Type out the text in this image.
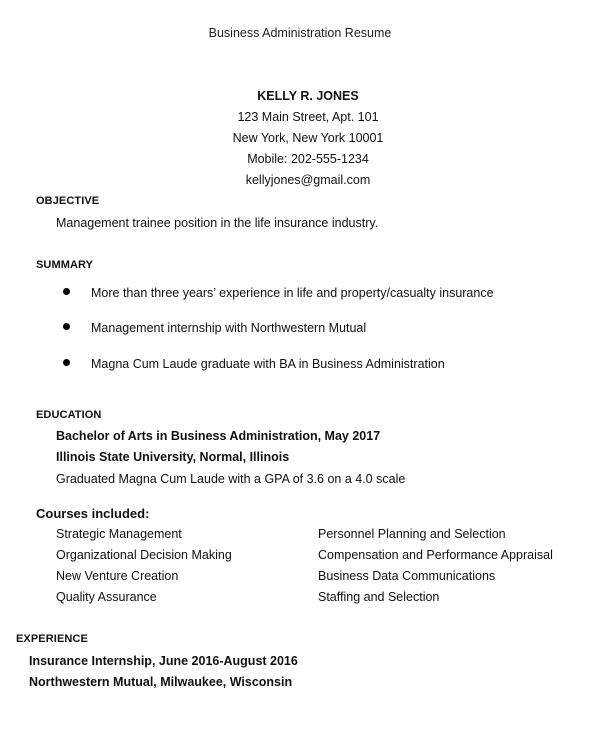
Business Administration Resume
KELLY R. JONES
123 Main Street, Apt. 101
New York, New York 10001
Mobile: 202-555-1234
kellyjones@gmail.com
OBJECTIVE
Management trainee position in the life insurance industry.
SUMMARY
More than three years’ experience in life and property/casualty insurance
Management internship with Northwestern Mutual
Magna Cum Laude graduate with BA in Business Administration
EDUCATION
Bachelor of Arts in Business Administration, May 2017
Illinois State University, Normal, Illinois
Graduated Magna Cum Laude with a GPA of 3.6 on a 4.0 scale
Courses included:
Strategic Management
Organizational Decision Making
New Venture Creation
Quality Assurance
Personnel Planning and Selection
Compensation and Performance Appraisal
Business Data Communications
Staffing and Selection
EXPERIENCE
Insurance Internship, June 2016-August 2016
Northwestern Mutual, Milwaukee, Wisconsin
